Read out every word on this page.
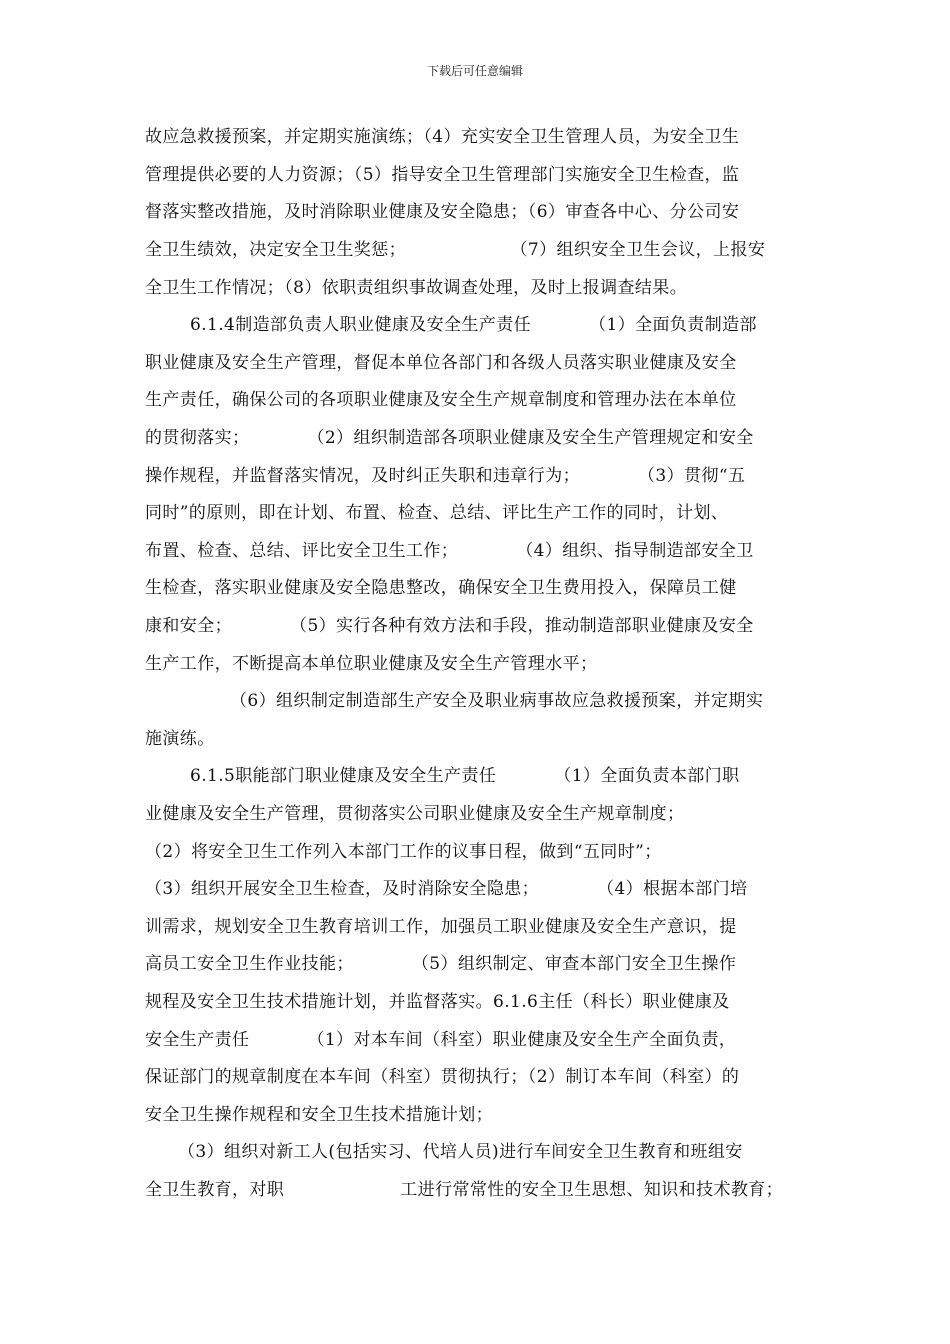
下载后可任意编辑
故应急救援预案，并定期实施演练；（4）充实安全卫生管理人员，为安全卫生
管理提供必要的人力资源；（5）指导安全卫生管理部门实施安全卫生检查，监
督落实整改措施，及时消除职业健康及安全隐患；（6）审查各中心、分公司安
全卫生绩效，决定安全卫生奖惩；                  （7）组织安全卫生会议，上报安
全卫生工作情况；（8）依职责组织事故调查处理，及时上报调查结果。
6.1.4制造部负责人职业健康及安全生产责任          （1）全面负责制造部
职业健康及安全生产管理，督促本单位各部门和各级人员落实职业健康及安全
生产责任，确保公司的各项职业健康及安全生产规章制度和管理办法在本单位
的贯彻落实；          （2）组织制造部各项职业健康及安全生产管理规定和安全
操作规程，并监督落实情况，及时纠正失职和违章行为；          （3）贯彻“五
同时”的原则，即在计划、布置、检查、总结、评比生产工作的同时，计划、
布置、检查、总结、评比安全卫生工作；          （4）组织、指导制造部安全卫
生检查，落实职业健康及安全隐患整改，确保安全卫生费用投入，保障员工健
康和安全；          （5）实行各种有效方法和手段，推动制造部职业健康及安全
生产工作，不断提高本单位职业健康及安全生产管理水平；
（6）组织制定制造部生产安全及职业病事故应急救援预案，并定期实
施演练。
6.1.5职能部门职业健康及安全生产责任          （1）全面负责本部门职
业健康及安全生产管理，贯彻落实公司职业健康及安全生产规章制度；
（2）将安全卫生工作列入本部门工作的议事日程，做到“五同时”；
（3）组织开展安全卫生检查，及时消除安全隐患；          （4）根据本部门培
训需求，规划安全卫生教育培训工作，加强员工职业健康及安全生产意识，提
高员工安全卫生作业技能；          （5）组织制定、审查本部门安全卫生操作
规程及安全卫生技术措施计划，并监督落实。6.1.6主任（科长）职业健康及
安全生产责任          （1）对本车间（科室）职业健康及安全生产全面负责，
保证部门的规章制度在本车间（科室）贯彻执行；（2）制订本车间（科室）的
安全卫生操作规程和安全卫生技术措施计划；
（3）组织对新工人(包括实习、代培人员)进行车间安全卫生教育和班组安
全卫生教育，对职                    工进行常常性的安全卫生思想、知识和技术教育；
